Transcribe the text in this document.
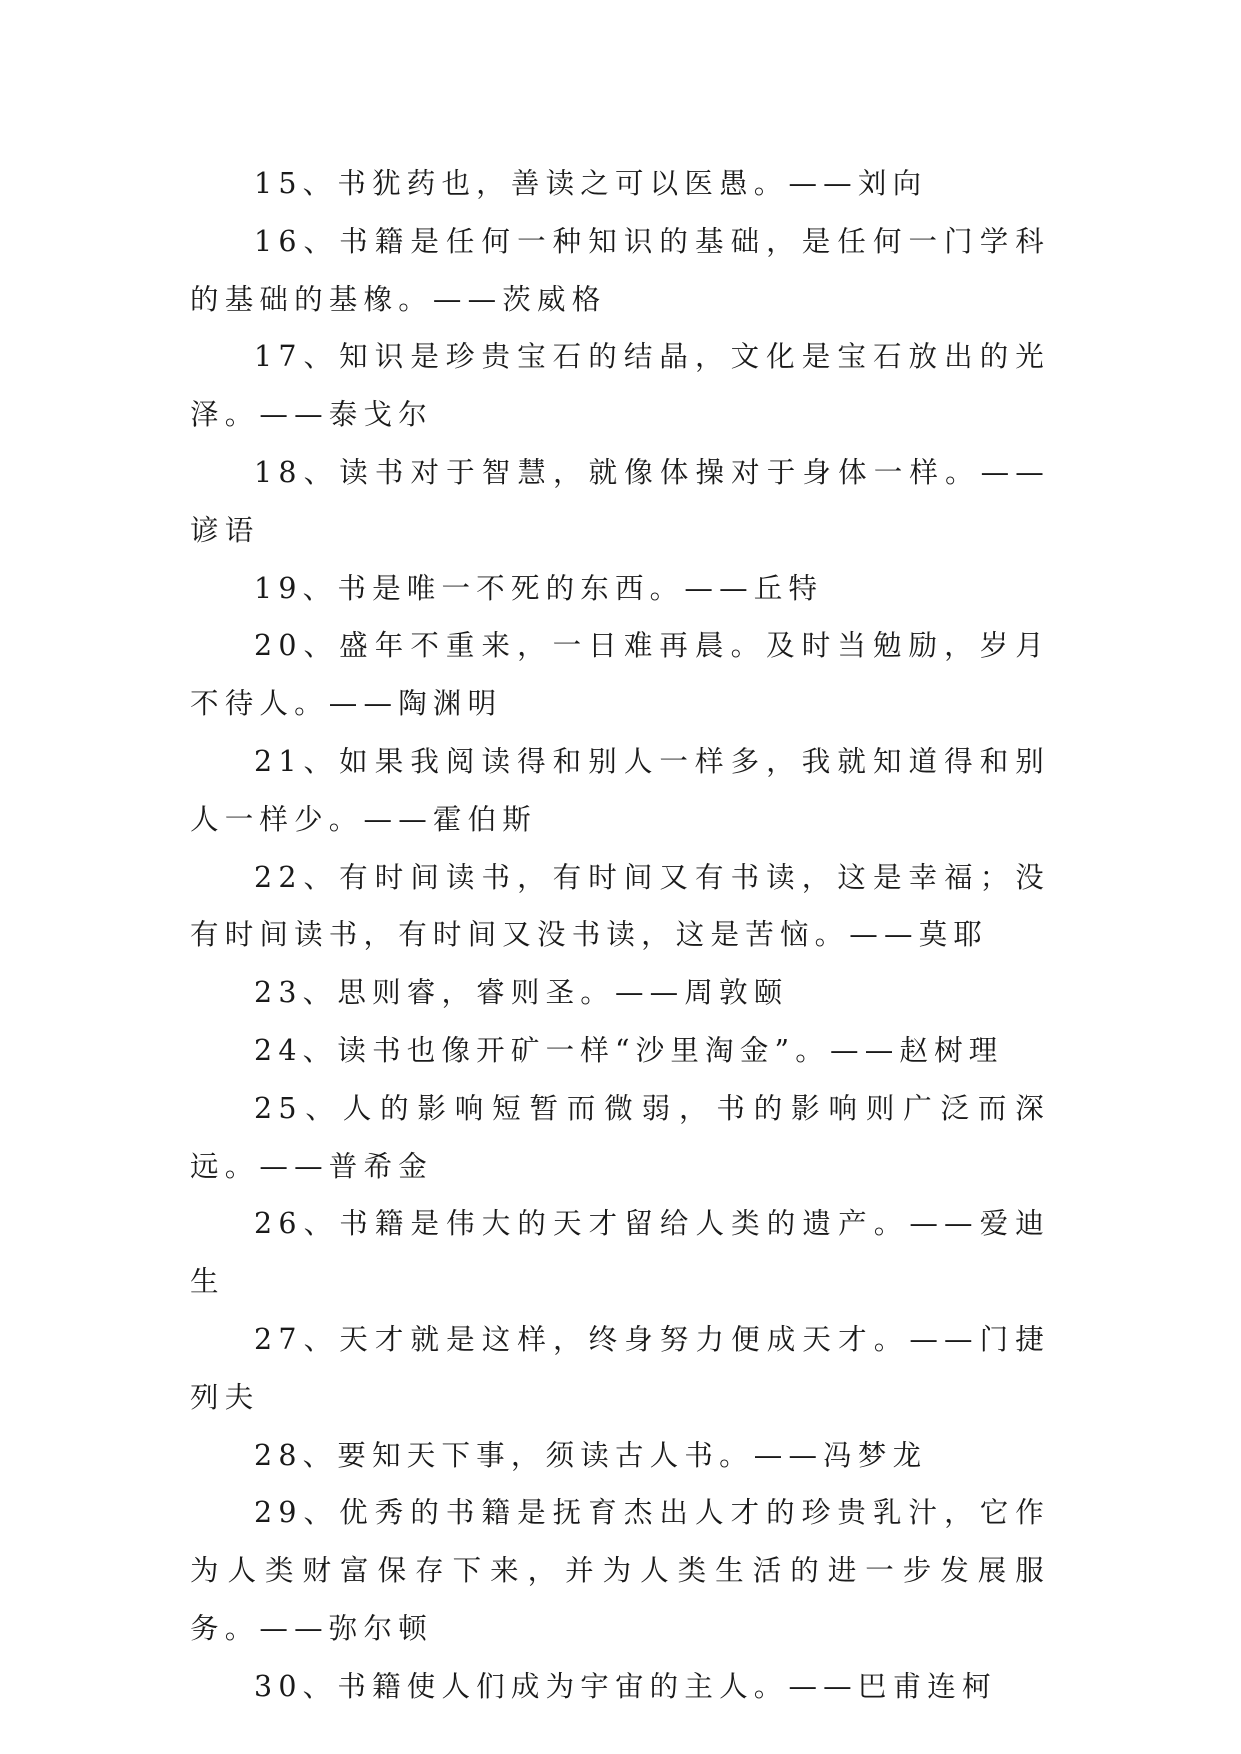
15、书犹药也，善读之可以医愚。——刘向

16、书籍是任何一种知识的基础，是任何一门学科的基础的基橡。——茨威格

17、知识是珍贵宝石的结晶，文化是宝石放出的光泽。——泰戈尔

18、读书对于智慧，就像体操对于身体一样。——谚语

19、书是唯一不死的东西。——丘特

20、盛年不重来，一日难再晨。及时当勉励，岁月不待人。——陶渊明

21、如果我阅读得和别人一样多，我就知道得和别人一样少。——霍伯斯

22、有时间读书，有时间又有书读，这是幸福；没有时间读书，有时间又没书读，这是苦恼。——莫耶

23、思则睿，睿则圣。——周敦颐

24、读书也像开矿一样“沙里淘金”。——赵树理

25、人的影响短暂而微弱，书的影响则广泛而深远。——普希金

26、书籍是伟大的天才留给人类的遗产。——爱迪生

27、天才就是这样，终身努力便成天才。——门捷列夫

28、要知天下事，须读古人书。——冯梦龙

29、优秀的书籍是抚育杰出人才的珍贵乳汁，它作为人类财富保存下来，并为人类生活的进一步发展服务。——弥尔顿

30、书籍使人们成为宇宙的主人。——巴甫连柯
